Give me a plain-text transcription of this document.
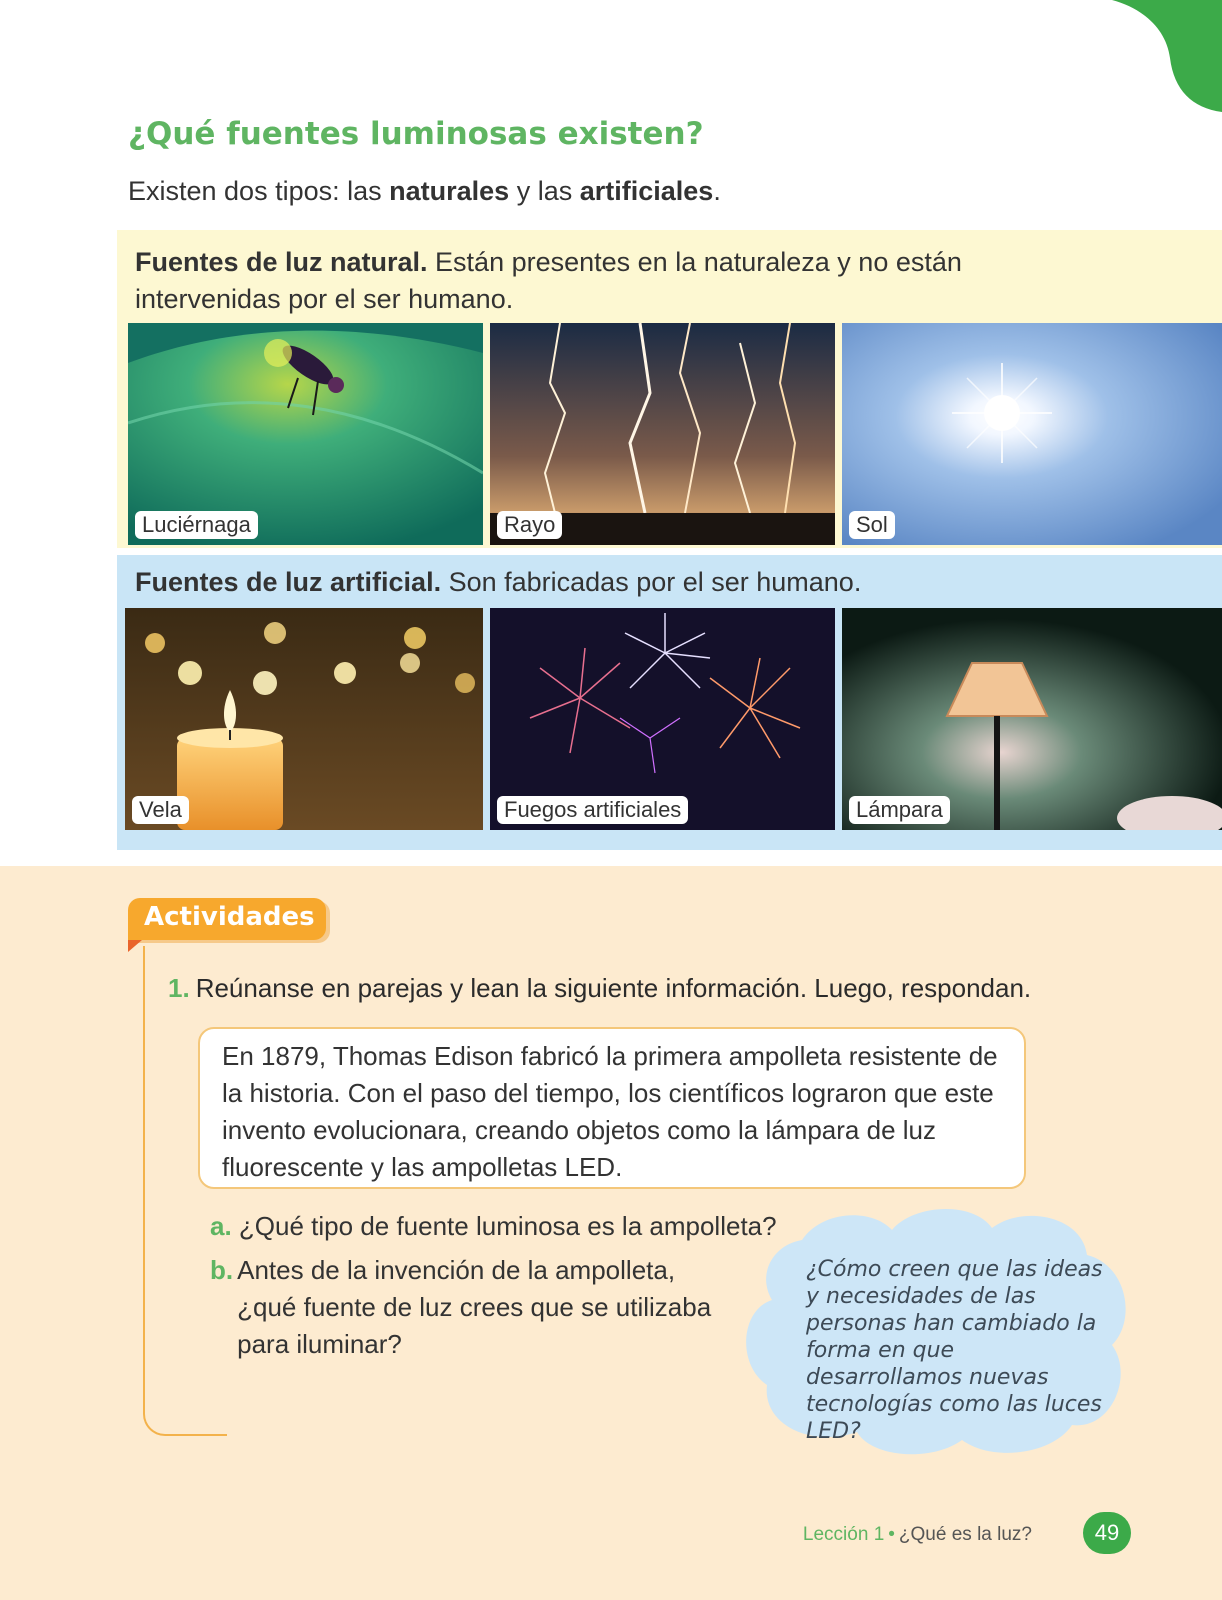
¿Qué fuentes luminosas existen?

Existen dos tipos: las naturales y las artificiales.

Fuentes de luz natural. Están presentes en la naturaleza y no están intervenidas por el ser humano.

Luciérnaga	Rayo	Sol

Fuentes de luz artificial. Son fabricadas por el ser humano.

Vela	Fuegos artificiales	Lámpara
Actividades

1. Reúnanse en parejas y lean la siguiente información. Luego, respondan.

En 1879, Thomas Edison fabricó la primera ampolleta resistente de la historia. Con el paso del tiempo, los científicos lograron que este invento evolucionara, creando objetos como la lámpara de luz fluorescente y las ampolletas LED.

a. ¿Qué tipo de fuente luminosa es la ampolleta?

b. Antes de la invención de la ampolleta, ¿qué fuente de luz crees que se utilizaba para iluminar?

¿Cómo creen que las ideas y necesidades de las personas han cambiado la forma en que desarrollamos nuevas tecnologías como las luces LED?

Lección 1 • ¿Qué es la luz?	49
